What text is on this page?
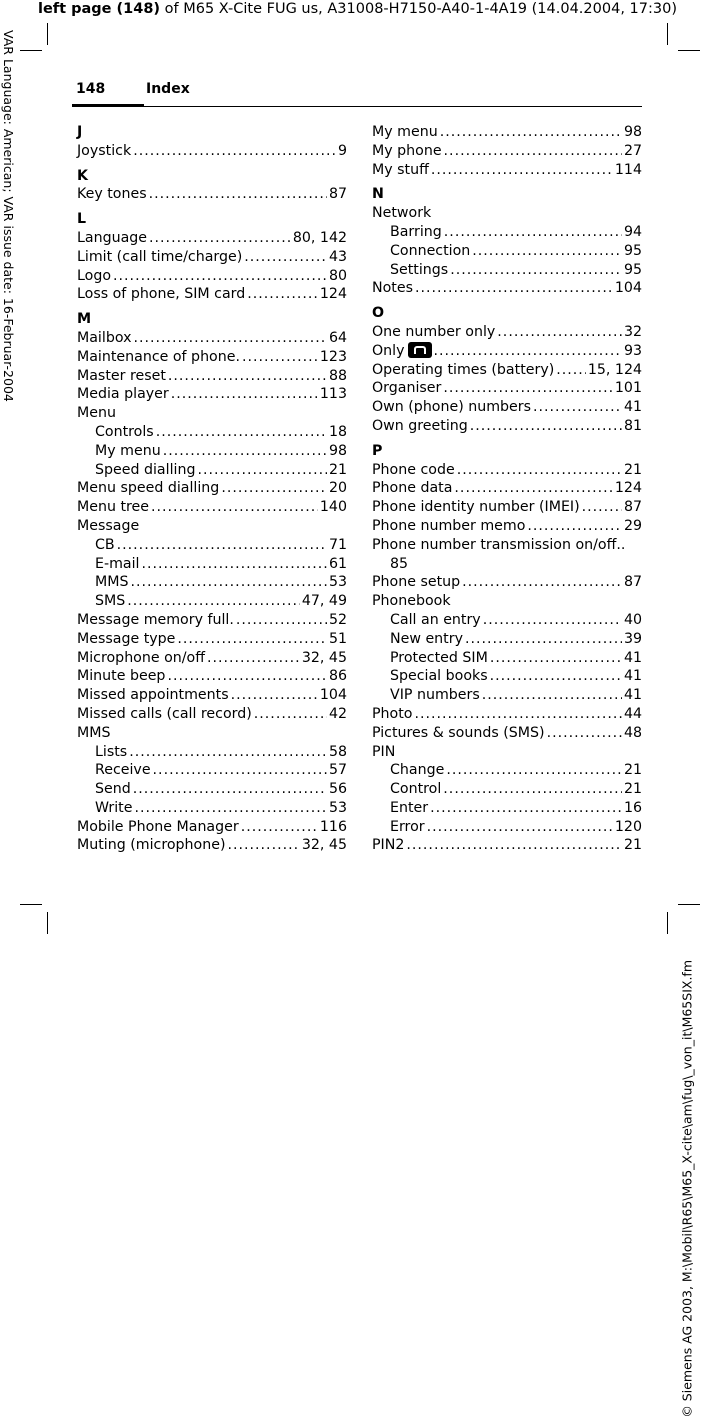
left page (148) of M65 X-Cite FUG us, A31008-H7150-A40-1-4A19 (14.04.2004, 17:30)
VAR Language: American; VAR issue date: 16-Februar-2004
© Siemens AG 2003, M:\Mobil\R65\M65_X-cite\am\fug\_von_it\M65SIX.fm
148	Index
J
Joystick .....	9
K
Key tones .....	87
L
Language .....	80, 142
Limit (call time/charge) .....	43
Logo .....	80
Loss of phone, SIM card .....	124
M
Mailbox .....	64
Maintenance of phone. .....	123
Master reset .....	88
Media player .....	113
Menu
Controls .....	18
My menu .....	98
Speed dialling .....	21
Menu speed dialling .....	20
Menu tree .....	140
Message
CB .....	71
E-mail .....	61
MMS .....	53
SMS .....	47, 49
Message memory full. .....	52
Message type .....	51
Microphone on/off .....	32, 45
Minute beep .....	86
Missed appointments .....	104
Missed calls (call record) .....	42
MMS
Lists .....	58
Receive .....	57
Send .....	56
Write .....	53
Mobile Phone Manager .....	116
Muting (microphone) .....	32, 45
My menu .....	98
My phone .....	27
My stuff .....	114
N
Network
Barring .....	94
Connection .....	95
Settings .....	95
Notes .....	104
O
One number only .....	32
Only .....	93
Operating times (battery) ..... 15, 124
Organiser .....	101
Own (phone) numbers .....	41
Own greeting .....	81
P
Phone code .....	21
Phone data .....	124
Phone identity number (IMEI) .....	87
Phone number memo .....	29
Phone number transmission on/off..
85
Phone setup .....	87
Phonebook
Call an entry .....	40
New entry .....	39
Protected SIM .....	41
Special books .....	41
VIP numbers .....	41
Photo .....	44
Pictures & sounds (SMS) .....	48
PIN
Change .....	21
Control .....	21
Enter .....	16
Error .....	120
PIN2 .....	21
